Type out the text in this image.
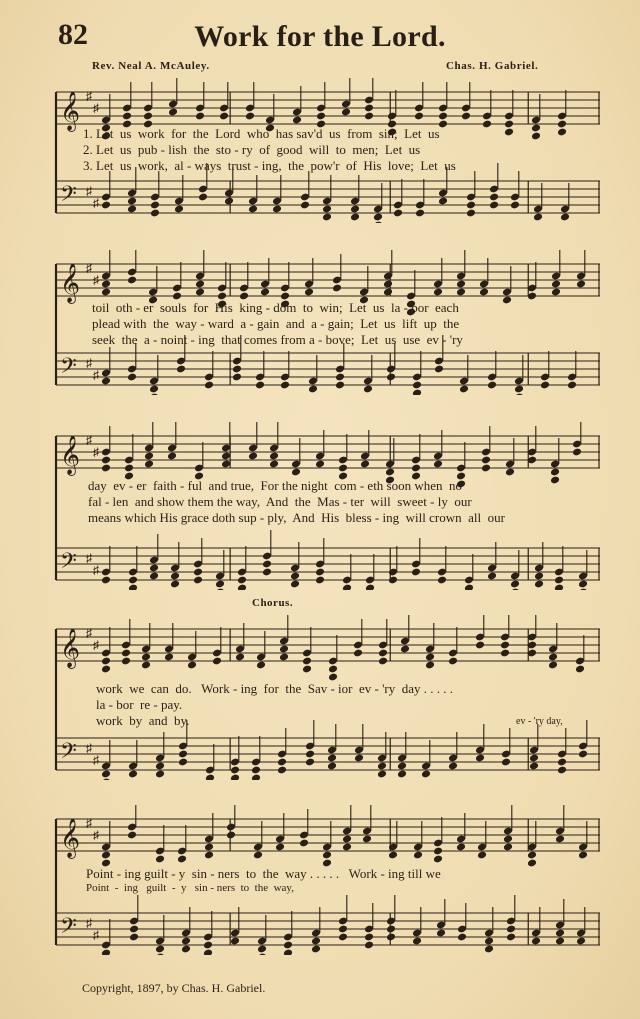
82	Work for the Lord.
Rev. Neal A. McAuley.	Chas. H. Gabriel.
𝄞
𝄢
♯
♯
♯
♯
1. Let  us  work  for  the  Lord  who  has sav'd  us  from  sin;  Let  us
2. Let  us  pub - lish  the  sto - ry  of  good  will  to  men;  Let  us
3. Let  us  work,  al - ways  trust - ing,  the  pow'r  of  His  love;  Let  us
𝄞
𝄢
♯
♯
♯
♯
toil  oth - er  souls  for  His  king - dom  to  win;  Let  us  la - bor  each
plead with  the  way - ward  a - gain  and  a - gain;  Let  us  lift  up  the
seek  the  a - noint - ing  that comes from a - bove;  Let  us  use  ev - 'ry
𝄞
𝄢
♯
♯
♯
♯
day  ev - er  faith - ful  and true,  For the night  com - eth soon when  no
fal - len  and show them the way,  And  the  Mas - ter  will  sweet - ly  our
means which His grace doth sup - ply,  And  His  bless - ing  will crown  all  our
Chorus.
𝄞
𝄢
♯
♯
♯
♯
work  we  can  do.   Work - ing  for  the  Sav - ior  ev - 'ry  day . . . . .
la - bor  re - pay.
work  by  and  by.	ev - 'ry day,
𝄞
𝄢
♯
♯
♯
♯
Point - ing guilt - y  sin - ners  to  the  way . . . . .   Work - ing till we
Point  -  ing   guilt  -  y   sin - ners  to  the  way,
Copyright, 1897, by Chas. H. Gabriel.
